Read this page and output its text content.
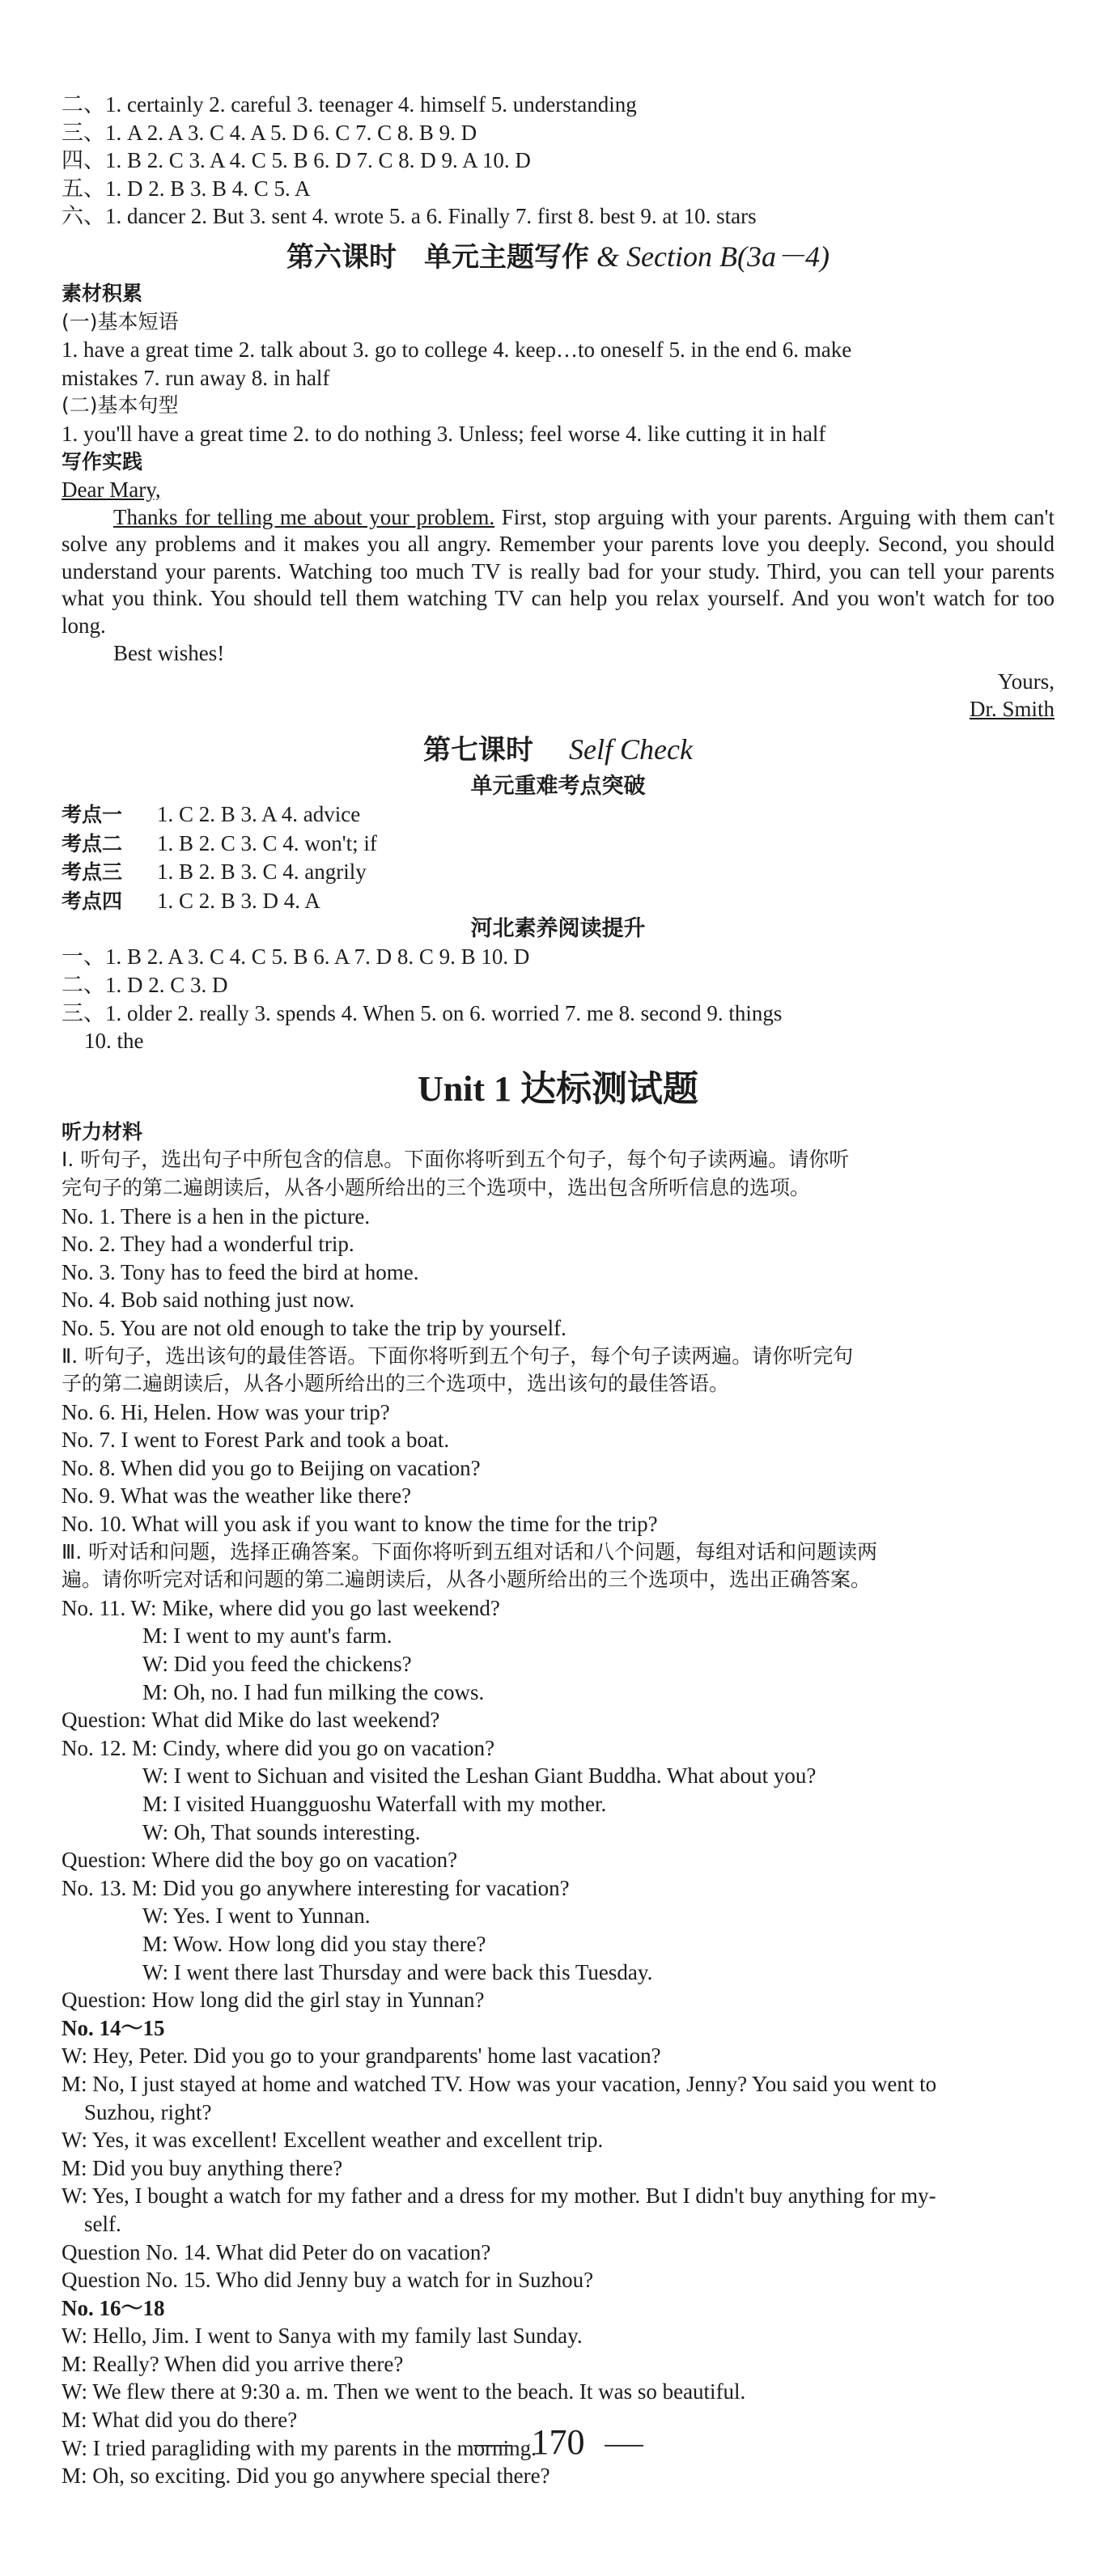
二、1. certainly 2. careful 3. teenager 4. himself 5. understanding

三、1. A 2. A 3. C 4. A 5. D 6. C 7. C 8. B 9. D

四、1. B 2. C 3. A 4. C 5. B 6. D 7. C 8. D 9. A 10. D

五、1. D 2. B 3. B 4. C 5. A

六、1. dancer 2. But 3. sent 4. wrote 5. a 6. Finally 7. first 8. best 9. at 10. stars

第六课时　单元主题写作 & Section B(3a－4)

素材积累

(一)基本短语

1. have a great time 2. talk about 3. go to college 4. keep…to oneself 5. in the end 6. make

mistakes 7. run away 8. in half

(二)基本句型

1. you'll have a great time 2. to do nothing 3. Unless; feel worse 4. like cutting it in half

写作实践

Dear Mary,

Thanks for telling me about your problem. First, stop arguing with your parents. Arguing with them can't solve any problems and it makes you all angry. Remember your parents love you deeply. Second, you should understand your parents. Watching too much TV is really bad for your study. Third, you can tell your parents what you think. You should tell them watching TV can help you relax yourself. And you won't watch for too long.

Best wishes!

Yours,

Dr. Smith

第七课时 Self Check

单元重难考点突破

考点一 1. C 2. B 3. A 4. advice

考点二 1. B 2. C 3. C 4. won't; if

考点三 1. B 2. B 3. C 4. angrily

考点四 1. C 2. B 3. D 4. A

河北素养阅读提升

一、1. B 2. A 3. C 4. C 5. B 6. A 7. D 8. C 9. B 10. D

二、1. D 2. C 3. D

三、1. older 2. really 3. spends 4. When 5. on 6. worried 7. me 8. second 9. things

10. the

Unit 1 达标测试题

听力材料

Ⅰ. 听句子，选出句子中所包含的信息。下面你将听到五个句子，每个句子读两遍。请你听

完句子的第二遍朗读后，从各小题所给出的三个选项中，选出包含所听信息的选项。

No. 1. There is a hen in the picture.

No. 2. They had a wonderful trip.

No. 3. Tony has to feed the bird at home.

No. 4. Bob said nothing just now.

No. 5. You are not old enough to take the trip by yourself.

Ⅱ. 听句子，选出该句的最佳答语。下面你将听到五个句子，每个句子读两遍。请你听完句

子的第二遍朗读后，从各小题所给出的三个选项中，选出该句的最佳答语。

No. 6. Hi, Helen. How was your trip?

No. 7. I went to Forest Park and took a boat.

No. 8. When did you go to Beijing on vacation?

No. 9. What was the weather like there?

No. 10. What will you ask if you want to know the time for the trip?

Ⅲ. 听对话和问题，选择正确答案。下面你将听到五组对话和八个问题，每组对话和问题读两

遍。请你听完对话和问题的第二遍朗读后，从各小题所给出的三个选项中，选出正确答案。

No. 11. W: Mike, where did you go last weekend?

M: I went to my aunt's farm.

W: Did you feed the chickens?

M: Oh, no. I had fun milking the cows.

Question: What did Mike do last weekend?

No. 12. M: Cindy, where did you go on vacation?

W: I went to Sichuan and visited the Leshan Giant Buddha. What about you?

M: I visited Huangguoshu Waterfall with my mother.

W: Oh, That sounds interesting.

Question: Where did the boy go on vacation?

No. 13. M: Did you go anywhere interesting for vacation?

W: Yes. I went to Yunnan.

M: Wow. How long did you stay there?

W: I went there last Thursday and were back this Tuesday.

Question: How long did the girl stay in Yunnan?

No. 14～15

W: Hey, Peter. Did you go to your grandparents' home last vacation?

M: No, I just stayed at home and watched TV. How was your vacation, Jenny? You said you went to

Suzhou, right?

W: Yes, it was excellent! Excellent weather and excellent trip.

M: Did you buy anything there?

W: Yes, I bought a watch for my father and a dress for my mother. But I didn't buy anything for my-

self.

Question No. 14. What did Peter do on vacation?

Question No. 15. Who did Jenny buy a watch for in Suzhou?

No. 16～18

W: Hello, Jim. I went to Sanya with my family last Sunday.

M: Really? When did you arrive there?

W: We flew there at 9:30 a. m. Then we went to the beach. It was so beautiful.

M: What did you do there?

W: I tried paragliding with my parents in the morning.

M: Oh, so exciting. Did you go anywhere special there?

170
